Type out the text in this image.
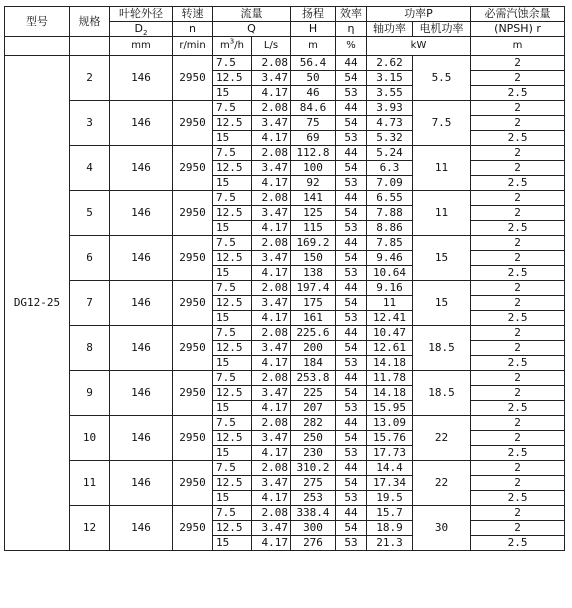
型号	规格	叶轮外径	转速	流量		扬程	效率	功率P		必需汽蚀余量
		$D_2$	n	Q		H	η	轴功率	电机功率	(NPSH) r
		mm	r/min	$m^3/h$	L/s	m	%	kW		m
DG12-25	2	146	2950	7.5	2.08	56.4	44	2.62	5.5	2
				12.5	3.47	50	54	3.15		2
				15	4.17	46	53	3.55		2.5
	3	146	2950	7.5	2.08	84.6	44	3.93	7.5	2
				12.5	3.47	75	54	4.73		2
				15	4.17	69	53	5.32		2.5
	4	146	2950	7.5	2.08	112.8	44	5.24	11	2
				12.5	3.47	100	54	6.3		2
				15	4.17	92	53	7.09		2.5
	5	146	2950	7.5	2.08	141	44	6.55	11	2
				12.5	3.47	125	54	7.88		2
				15	4.17	115	53	8.86		2.5
	6	146	2950	7.5	2.08	169.2	44	7.85	15	2
				12.5	3.47	150	54	9.46		2
				15	4.17	138	53	10.64		2.5
	7	146	2950	7.5	2.08	197.4	44	9.16	15	2
				12.5	3.47	175	54	11		2
				15	4.17	161	53	12.41		2.5
	8	146	2950	7.5	2.08	225.6	44	10.47	18.5	2
				12.5	3.47	200	54	12.61		2
				15	4.17	184	53	14.18		2.5
	9	146	2950	7.5	2.08	253.8	44	11.78	18.5	2
				12.5	3.47	225	54	14.18		2
				15	4.17	207	53	15.95		2.5
	10	146	2950	7.5	2.08	282	44	13.09	22	2
				12.5	3.47	250	54	15.76		2
				15	4.17	230	53	17.73		2.5
	11	146	2950	7.5	2.08	310.2	44	14.4	22	2
				12.5	3.47	275	54	17.34		2
				15	4.17	253	53	19.5		2.5
	12	146	2950	7.5	2.08	338.4	44	15.7	30	2
				12.5	3.47	300	54	18.9		2
				15	4.17	276	53	21.3		2.5
